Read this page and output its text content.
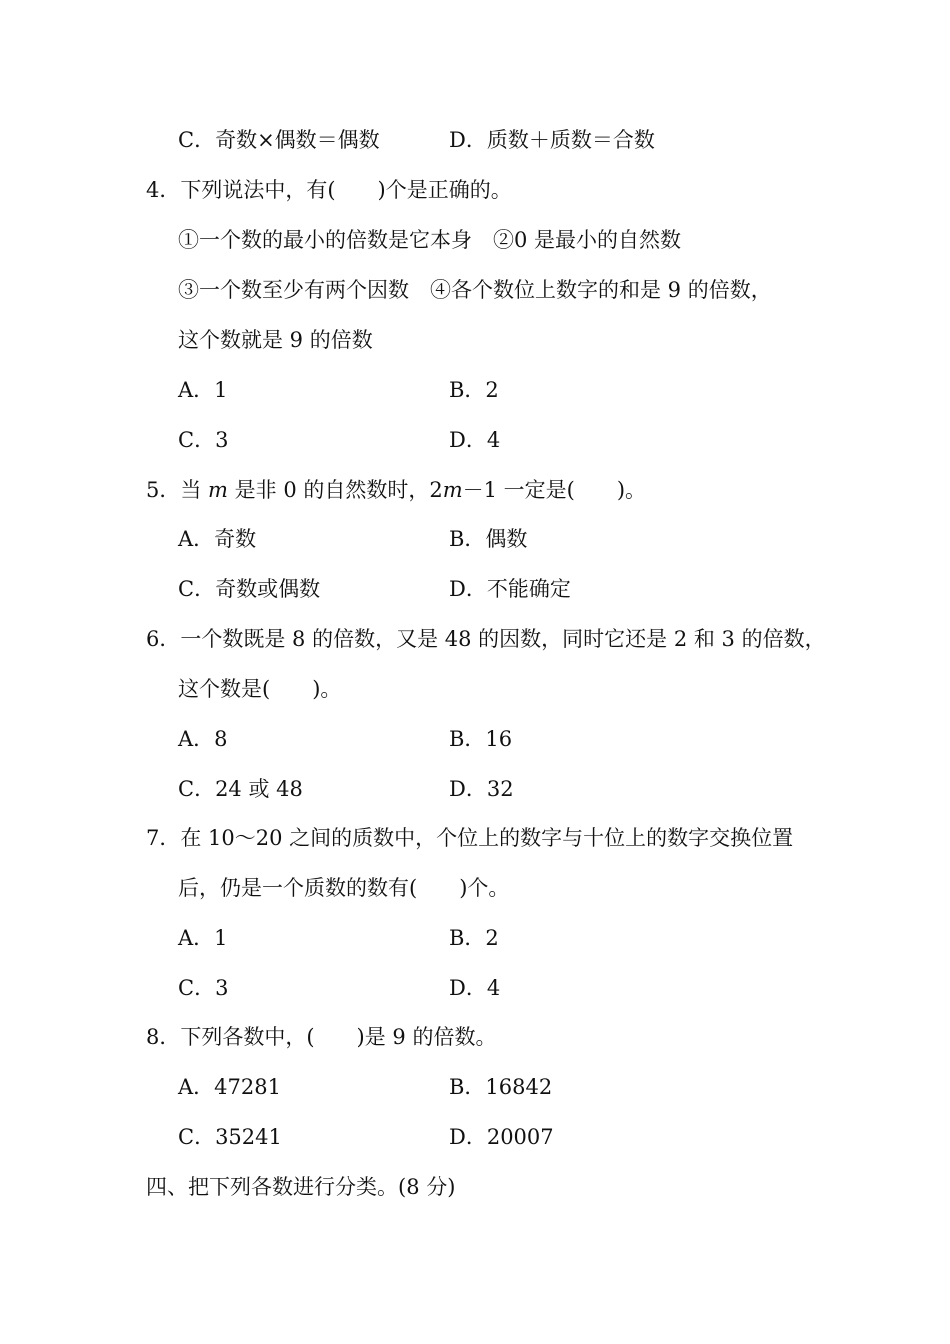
C．奇数×偶数＝偶数	D．质数＋质数＝合数
4．下列说法中，有(　　)个是正确的。
①一个数的最小的倍数是它本身　②0 是最小的自然数
③一个数至少有两个因数　④各个数位上数字的和是 9 的倍数，
这个数就是 9 的倍数
A．1	B．2
C．3	D．4
5．当 m 是非 0 的自然数时，2m－1 一定是(　　)。
A．奇数	B．偶数
C．奇数或偶数	D．不能确定
6．一个数既是 8 的倍数，又是 48 的因数，同时它还是 2 和 3 的倍数，
这个数是(　　)。
A．8	B．16
C．24 或 48	D．32
7．在 10～20 之间的质数中，个位上的数字与十位上的数字交换位置
后，仍是一个质数的数有(　　)个。
A．1	B．2
C．3	D．4
8．下列各数中，(　　)是 9 的倍数。
A．47281	B．16842
C．35241	D．20007
四、把下列各数进行分类。(8 分)
